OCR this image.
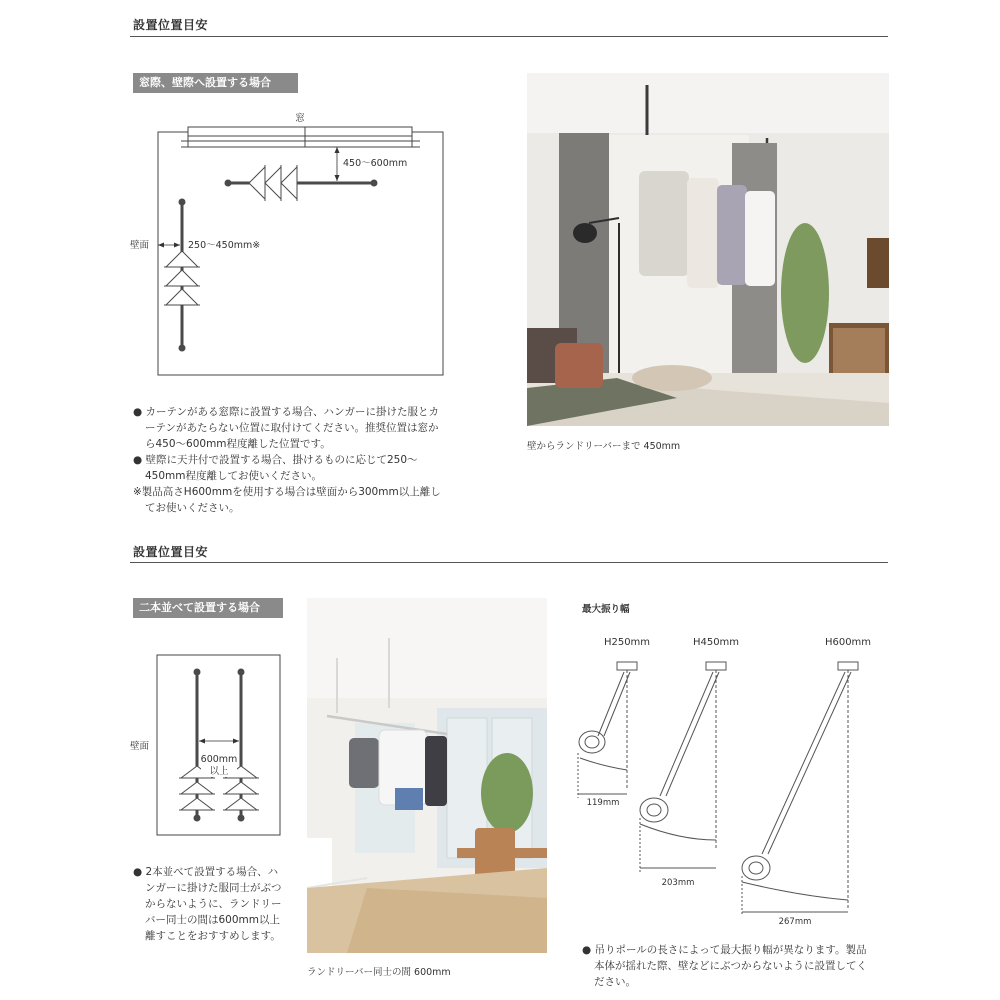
設置位置目安
窓際、壁際へ設置する場合
窓
450〜600mm
250〜450mm※
壁面

● カーテンがある窓際に設置する場合、ハンガーに掛けた服とカーテンがあたらない位置に取付けてください。推奨位置は窓から450〜600mm程度離した位置です。

● 壁際に天井付で設置する場合、掛けるものに応じて250〜450mm程度離してお使いください。

※製品高さH600mmを使用する場合は壁面から300mm以上離してお使いください。

壁からランドリーバーまで 450mm
設置位置目安
二本並べて設置する場合
600mm
以上
壁面

● 2本並べて設置する場合、ハンガーに掛けた服同士がぶつからないように、ランドリーバー同士の間は600mm以上離すことをおすすめします。

ランドリーバー同士の間 600mm
最大振り幅
H250mm	H450mm	H600mm
119mm
203mm
267mm

● 吊りポールの長さによって最大振り幅が異なります。製品本体が揺れた際、壁などにぶつからないように設置してください。
